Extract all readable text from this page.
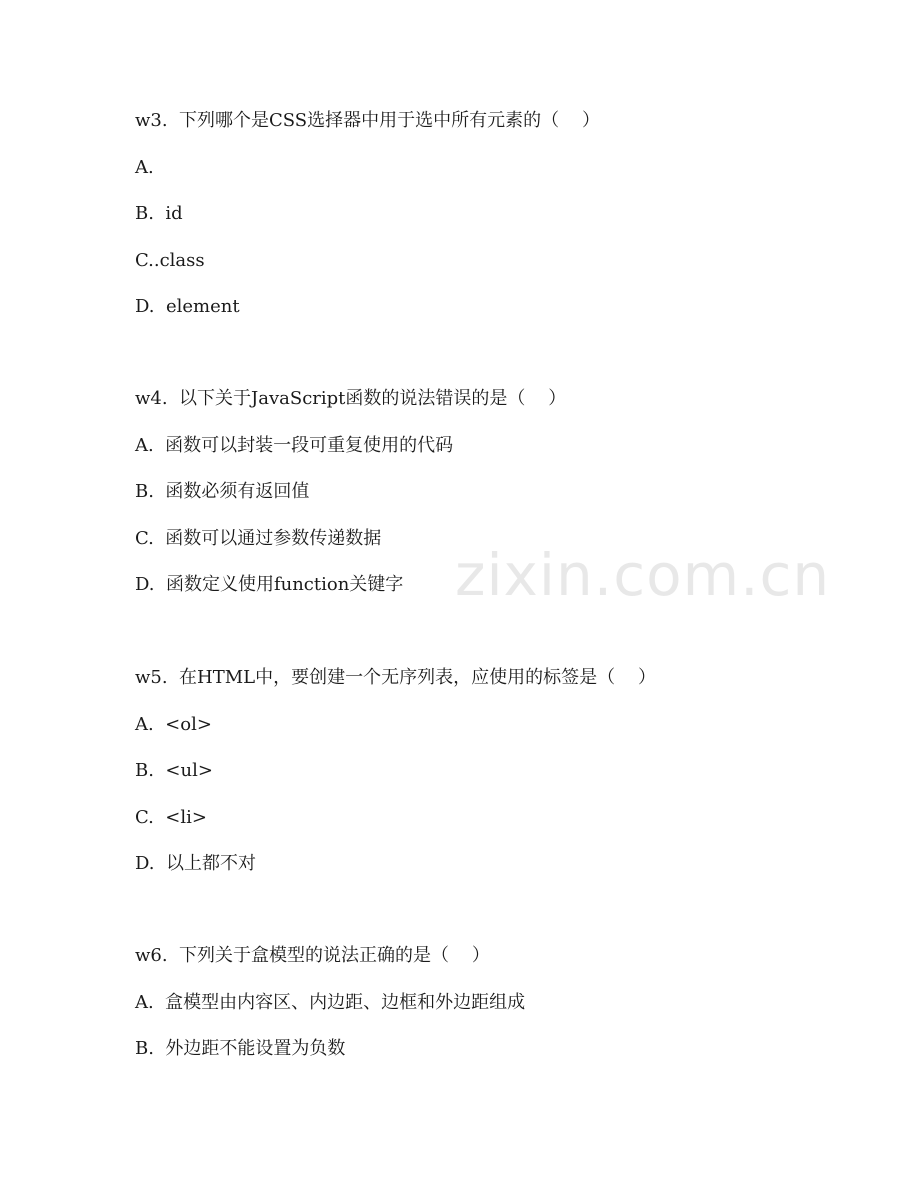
w3.  下列哪个是CSS选择器中用于选中所有元素的（    ）
A.
B.  id
C..class
D.  element
w4.  以下关于JavaScript函数的说法错误的是（    ）
A.  函数可以封装一段可重复使用的代码
B.  函数必须有返回值
C.  函数可以通过参数传递数据
D.  函数定义使用function关键字
w5.  在HTML中，要创建一个无序列表，应使用的标签是（    ）
A.  <ol>
B.  <ul>
C.  <li>
D.  以上都不对
w6.  下列关于盒模型的说法正确的是（    ）
A.  盒模型由内容区、内边距、边框和外边距组成
B.  外边距不能设置为负数
zixin.com.cn
